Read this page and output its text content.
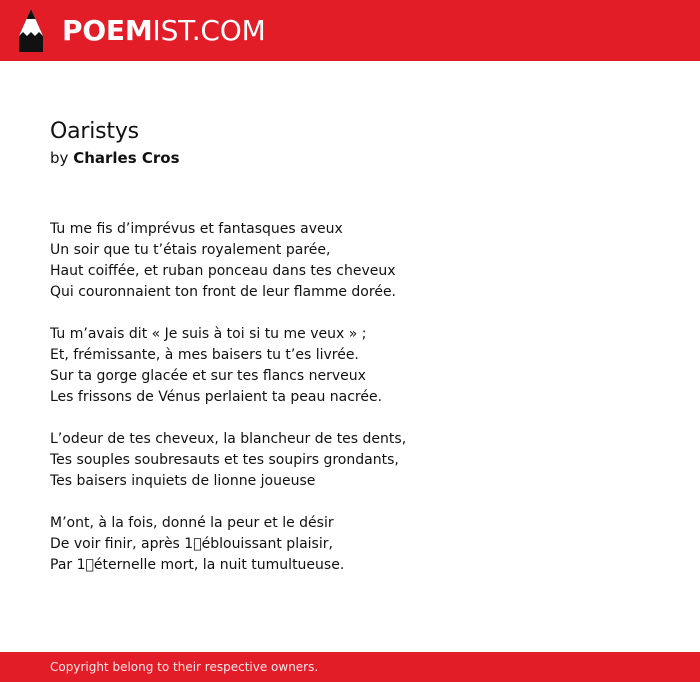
POEMIST.COM
Oaristys
by Charles Cros
Tu me fis d’imprévus et fantasques aveux
Un soir que tu t’étais royalement parée,
Haut coiffée, et ruban ponceau dans tes cheveux
Qui couronnaient ton front de leur flamme dorée.
Tu m’avais dit « Je suis à toi si tu me veux » ;
Et, frémissante, à mes baisers tu t’es livrée.
Sur ta gorge glacée et sur tes flancs nerveux
Les frissons de Vénus perlaient ta peau nacrée.
L’odeur de tes cheveux, la blancheur de tes dents,
Tes souples soubresauts et tes soupirs grondants,
Tes baisers inquiets de lionne joueuse
M’ont, à la fois, donné la peur et le désir
De voir finir, après 1 éblouissant plaisir,
Par 1 éternelle mort, la nuit tumultueuse.
Copyright belong to their respective owners.
